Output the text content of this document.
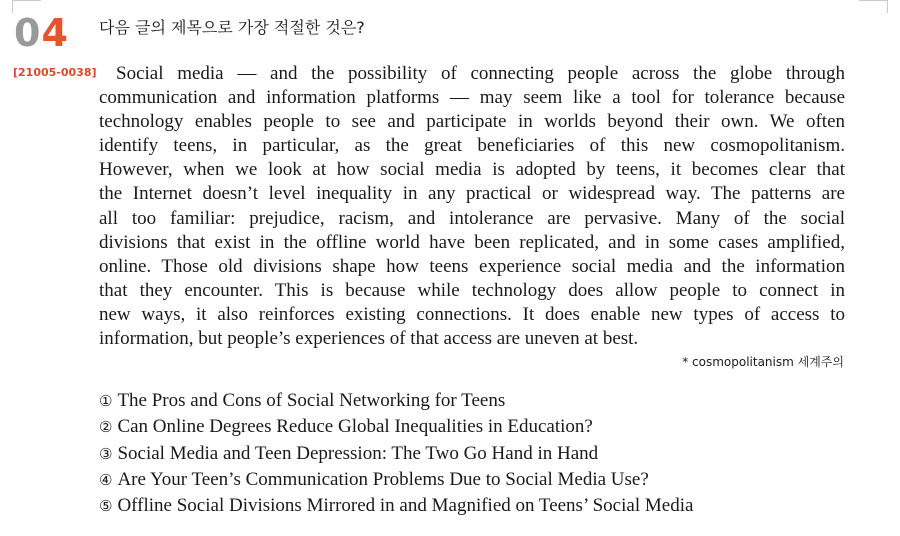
04 다음 글의 제목으로 가장 적절한 것은?
[21005-0038]	Social media — and the possibility of connecting people across the globe through
communication and information platforms — may seem like a tool for tolerance because
technology enables people to see and participate in worlds beyond their own. We often
identify teens, in particular, as the great beneficiaries of this new cosmopolitanism.
However, when we look at how social media is adopted by teens, it becomes clear that
the Internet doesn’t level inequality in any practical or widespread way. The patterns are
all too familiar: prejudice, racism, and intolerance are pervasive. Many of the social
divisions that exist in the offline world have been replicated, and in some cases amplified,
online. Those old divisions shape how teens experience social media and the information
that they encounter. This is because while technology does allow people to connect in
new ways, it also reinforces existing connections. It does enable new types of access to
information, but people’s experiences of that access are uneven at best.
* cosmopolitanism 세계주의
① The Pros and Cons of Social Networking for Teens
② Can Online Degrees Reduce Global Inequalities in Education?
③ Social Media and Teen Depression: The Two Go Hand in Hand
④ Are Your Teen’s Communication Problems Due to Social Media Use?
⑤ Offline Social Divisions Mirrored in and Magnified on Teens’ Social Media
